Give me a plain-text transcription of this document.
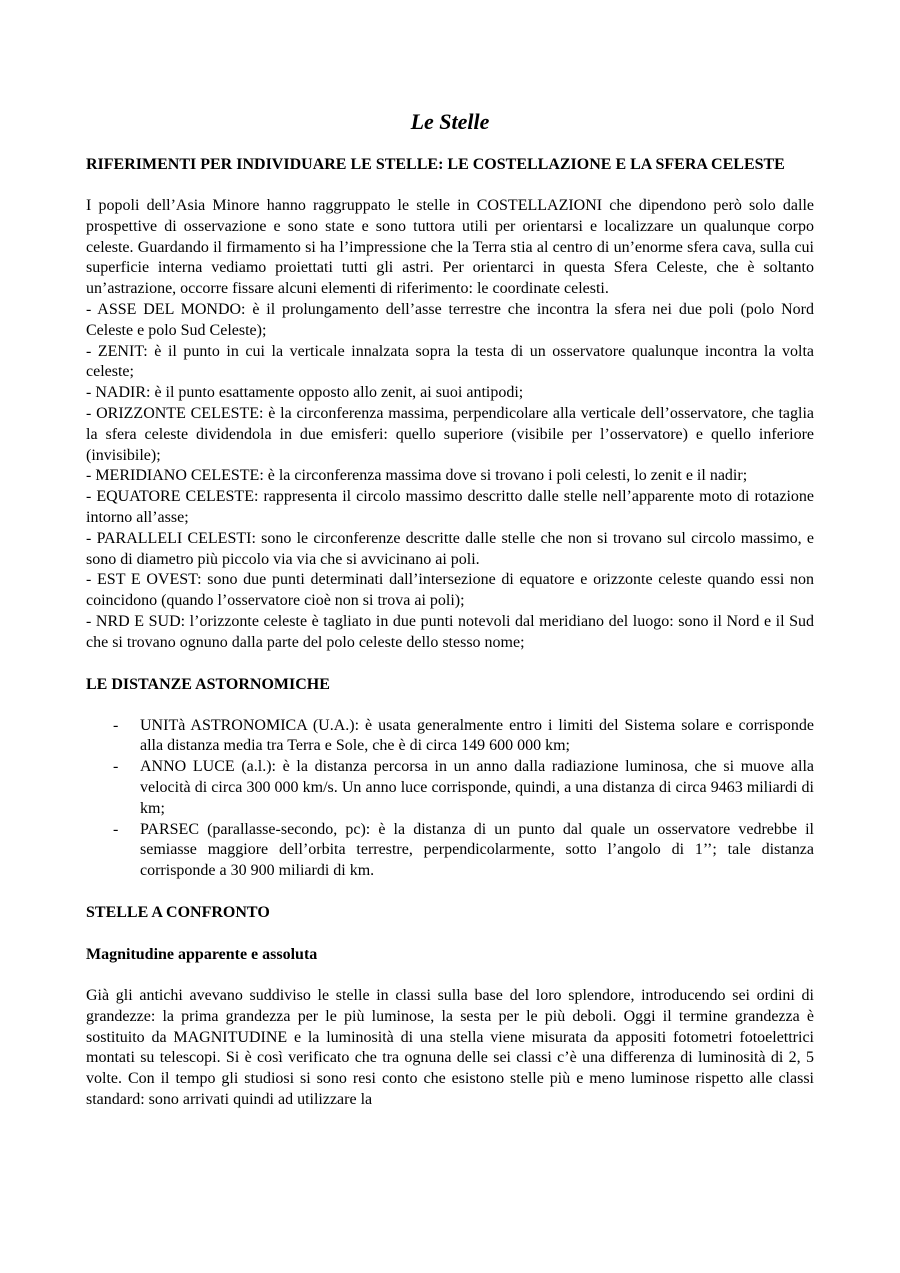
Le Stelle

RIFERIMENTI PER INDIVIDUARE LE STELLE: LE COSTELLAZIONE E LA SFERA CELESTE

I popoli dell’Asia Minore hanno raggruppato le stelle in COSTELLAZIONI che dipendono però solo dalle prospettive di osservazione e sono state e sono tuttora utili per orientarsi e localizzare un qualunque corpo celeste. Guardando il firmamento si ha l’impressione che la Terra stia al centro di un’enorme sfera cava, sulla cui superficie interna vediamo proiettati tutti gli astri. Per orientarci in questa Sfera Celeste, che è soltanto un’astrazione, occorre fissare alcuni elementi di riferimento: le coordinate celesti.

- ASSE DEL MONDO: è il prolungamento dell’asse terrestre che incontra la sfera nei due poli (polo Nord Celeste e polo Sud Celeste);

- ZENIT: è il punto in cui la verticale innalzata sopra la testa di un osservatore qualunque incontra la volta celeste;

- NADIR: è il punto esattamente opposto allo zenit, ai suoi antipodi;

- ORIZZONTE CELESTE: è la circonferenza massima, perpendicolare alla verticale dell’osservatore, che taglia la sfera celeste dividendola in due emisferi: quello superiore (visibile per l’osservatore) e quello inferiore (invisibile);

- MERIDIANO CELESTE: è la circonferenza massima dove si trovano i poli celesti, lo zenit e il nadir;

- EQUATORE CELESTE: rappresenta il circolo massimo descritto dalle stelle nell’apparente moto di rotazione intorno all’asse;

- PARALLELI CELESTI: sono le circonferenze descritte dalle stelle che non si trovano sul circolo massimo, e sono di diametro più piccolo via via che si avvicinano ai poli.

- EST E OVEST: sono due punti determinati dall’intersezione di equatore e orizzonte celeste quando essi non coincidono (quando l’osservatore cioè non si trova ai poli);

- NRD E SUD: l’orizzonte celeste è tagliato in due punti notevoli dal meridiano del luogo: sono il Nord e il Sud che si trovano ognuno dalla parte del polo celeste dello stesso nome;

LE DISTANZE ASTORNOMICHE

- UNITà ASTRONOMICA (U.A.): è usata generalmente entro i limiti del Sistema solare e corrisponde alla distanza media tra Terra e Sole, che è di circa 149 600 000 km;
- ANNO LUCE (a.l.): è la distanza percorsa in un anno dalla radiazione luminosa, che si muove alla velocità di circa 300 000 km/s. Un anno luce corrisponde, quindi, a una distanza di circa 9463 miliardi di km;
- PARSEC (parallasse-secondo, pc): è la distanza di un punto dal quale un osservatore vedrebbe il semiasse maggiore dell’orbita terrestre, perpendicolarmente, sotto l’angolo di 1’’; tale distanza corrisponde a 30 900 miliardi di km.

STELLE A CONFRONTO

Magnitudine apparente e assoluta

Già gli antichi avevano suddiviso le stelle in classi sulla base del loro splendore, introducendo sei ordini di grandezze: la prima grandezza per le più luminose, la sesta per le più deboli. Oggi il termine grandezza è sostituito da MAGNITUDINE e la luminosità di una stella viene misurata da appositi fotometri fotoelettrici montati su telescopi. Si è così verificato che tra ognuna delle sei classi c’è una differenza di luminosità di 2, 5 volte. Con il tempo gli studiosi si sono resi conto che esistono stelle più e meno luminose rispetto alle classi standard: sono arrivati quindi ad utilizzare la
